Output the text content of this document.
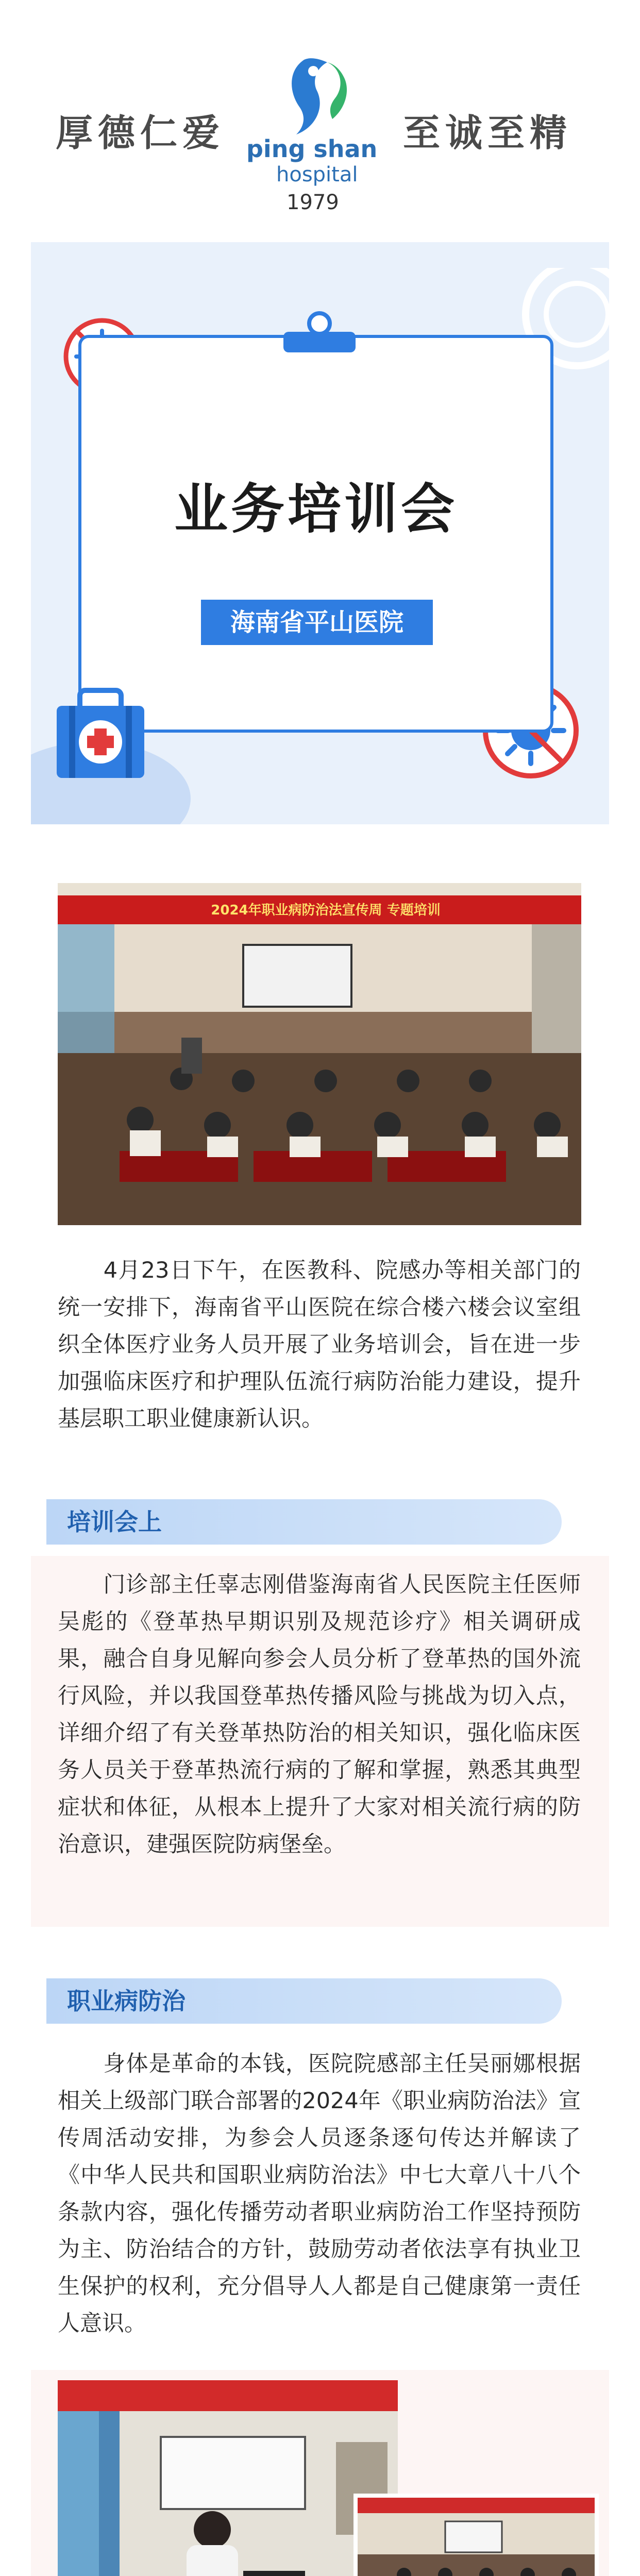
厚德仁爱	至诚至精
ping shan
hospital
1979
业务培训会
海南省平山医院
2024年职业病防治法宣传周 专题培训
　　4月23日下午，在医教科、院感办等相关部门的统一安排下，海南省平山医院在综合楼六楼会议室组织全体医疗业务人员开展了业务培训会，旨在进一步加强临床医疗和护理队伍流行病防治能力建设，提升基层职工职业健康新认识。
培训会上
　　门诊部主任辜志刚借鉴海南省人民医院主任医师吴彪的《登革热早期识别及规范诊疗》相关调研成果，融合自身见解向参会人员分析了登革热的国外流行风险，并以我国登革热传播风险与挑战为切入点，详细介绍了有关登革热防治的相关知识，强化临床医务人员关于登革热流行病的了解和掌握，熟悉其典型症状和体征，从根本上提升了大家对相关流行病的防治意识，建强医院防病堡垒。
职业病防治
　　身体是革命的本钱，医院院感部主任吴丽娜根据相关上级部门联合部署的2024年《职业病防治法》宣传周活动安排，为参会人员逐条逐句传达并解读了《中华人民共和国职业病防治法》中七大章八十八个条款内容，强化传播劳动者职业病防治工作坚持预防为主、防治结合的方针，鼓励劳动者依法享有执业卫生保护的权利，充分倡导人人都是自己健康第一责任人意识。
